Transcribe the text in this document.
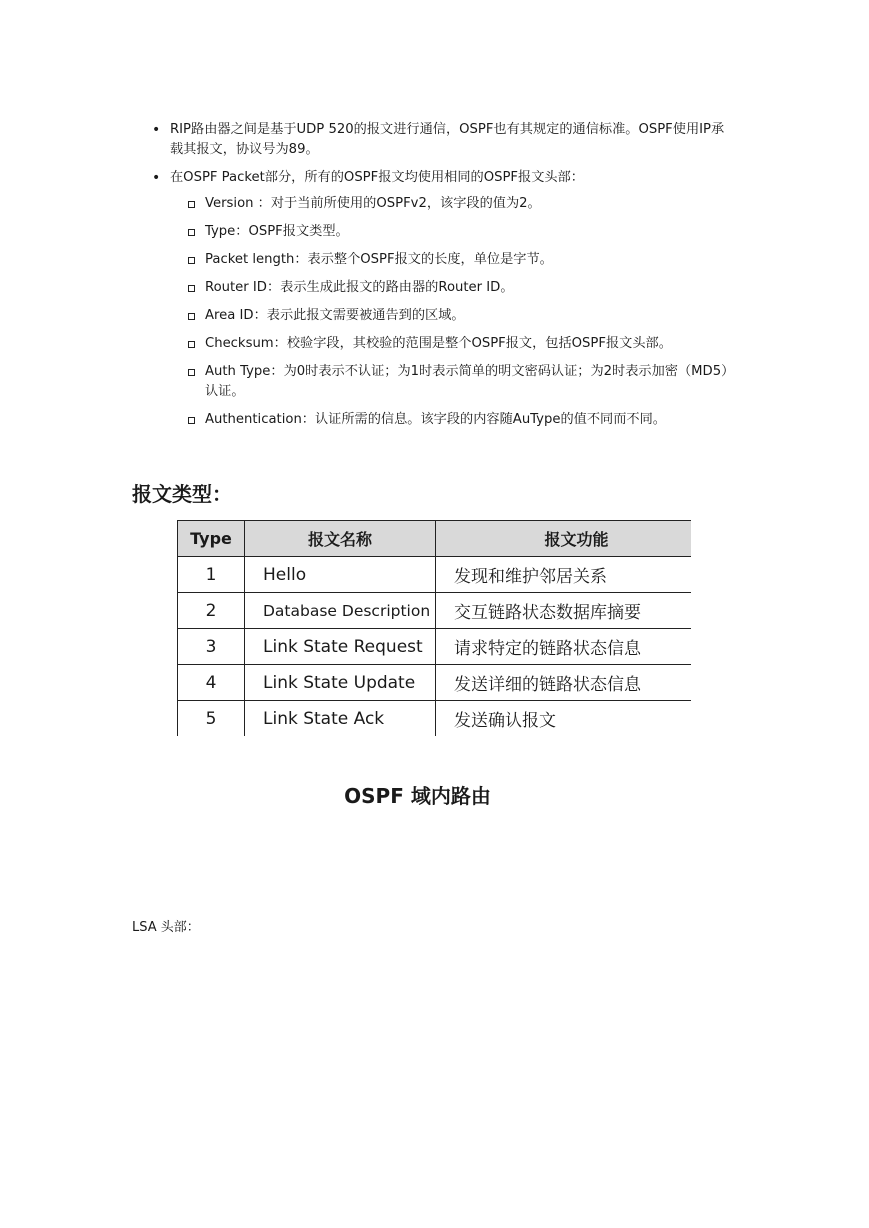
• RIP路由器之间是基于UDP 520的报文进行通信，OSPF也有其规定的通信标准。OSPF使用IP承载其报文，协议号为89。
• 在OSPF Packet部分，所有的OSPF报文均使用相同的OSPF报文头部：
Version ：对于当前所使用的OSPFv2，该字段的值为2。
Type：OSPF报文类型。
Packet length：表示整个OSPF报文的长度，单位是字节。
Router ID：表示生成此报文的路由器的Router ID。
Area ID：表示此报文需要被通告到的区域。
Checksum：校验字段，其校验的范围是整个OSPF报文，包括OSPF报文头部。
Auth Type：为0时表示不认证；为1时表示简单的明文密码认证；为2时表示加密（MD5）认证。
Authentication：认证所需的信息。该字段的内容随AuType的值不同而不同。
报文类型：
Type	报文名称	报文功能
1	Hello	发现和维护邻居关系
2	Database Description	交互链路状态数据库摘要
3	Link State Request	请求特定的链路状态信息
4	Link State Update	发送详细的链路状态信息
5	Link State Ack	发送确认报文
OSPF 域内路由

LSA 头部：
